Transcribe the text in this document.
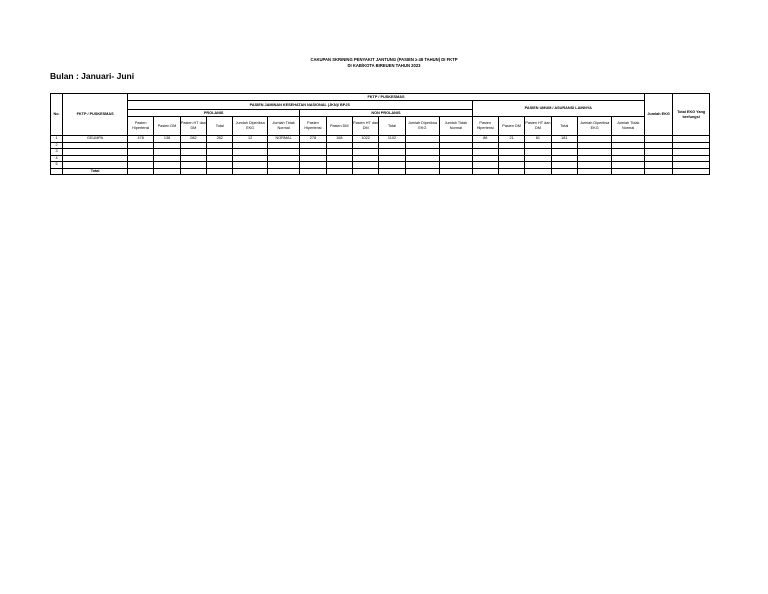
CAKUPAN SKRINING PENYAKIT JANTUNG (PASIEN ≥ 48 TAHUN) DI FKTP
DI KAB/KOTA BIREUEN TAHUN 2023
Bulan : Januari- Juni
No.	FKTP / PUSKESMAS	FKTP / PUSKESMAS																		Jumlah EKG	Total EKG Yang berfungsi
		PASIEN JAMINAN KESEHATAN NASIONAL (JKN)/ BPJS												PASIEN UMUM / ASURANSI LAINNYA							
		PROLANIS						NON PROLANIS													
		Pasien Hipertensi	Pasien DM	Pasien HT dan DM	Total	Jumlah Diperiksa EKG	Jumlah Tidak Normal	Pasien Hipertensi	Pasien DM	Pasien HT dan DM	Total	Jumlah Diperiksa EKG	Jumlah Tidak Normal	Pasien Hipertensi	Pasien DM	Pasien HT dan DM	Total	Jumlah Diperiksa EKG	Jumlah Tidak Normal		
1	GEUMPA	478	138	082	282	12	NORMAL	278	168	1022	1102			88	21	81	181				
2																					
3																					
4																					
5																					
	Total																				
